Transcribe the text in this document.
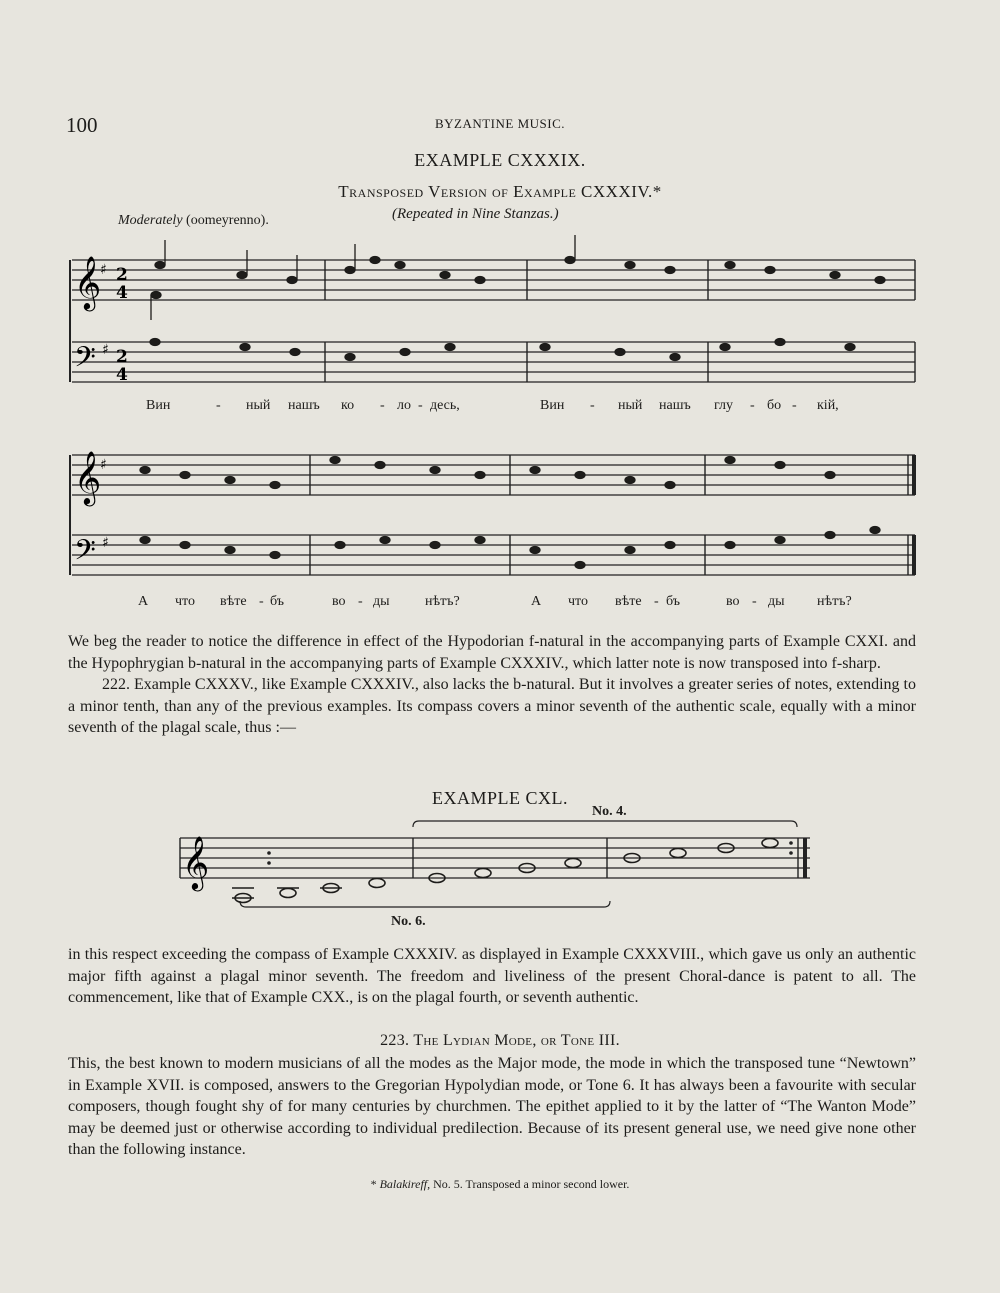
100	BYZANTINE MUSIC.
EXAMPLE CXXXIX.
Transposed Version of Example CXXXIV.*
(Repeated in Nine Stanzas.)
Moderately (oomeyrenno).
𝄞
♯ 2
4
𝄢 ♯ 2
4
Вин	- ный нашъ ко - ло - десь,	Вин - ный нашъ глу - бо - кій,
𝄞
♯
𝄢 ♯
А что вѣте - бъ	во - ды	нѣтъ?	А что вѣте - бъ	во - ды нѣтъ?

We beg the reader to notice the difference in effect of the Hypodorian f-natural in the accompanying parts of Example CXXI. and the Hypophrygian b-natural in the accompanying parts of Example CXXXIV., which latter note is now transposed into f-sharp.

222. Example CXXXV., like Example CXXXIV., also lacks the b-natural. But it involves a greater series of notes, extending to a minor tenth, than any of the previous examples. Its compass covers a minor seventh of the authentic scale, equally with a minor seventh of the plagal scale, thus :—

EXAMPLE CXL.
𝄞
No. 4.
No. 6.
in this respect exceeding the compass of Example CXXXIV. as displayed in Example CXXXVIII., which gave us only an authentic major fifth against a plagal minor seventh. The freedom and liveliness of the present Choral-dance is patent to all. The commencement, like that of Example CXX., is on the plagal fourth, or seventh authentic.
223. The Lydian Mode, or Tone III.
This, the best known to modern musicians of all the modes as the Major mode, the mode in which the transposed tune “Newtown” in Example XVII. is composed, answers to the Gregorian Hypolydian mode, or Tone 6. It has always been a favourite with secular composers, though fought shy of for many centuries by churchmen. The epithet applied to it by the latter of “The Wanton Mode” may be deemed just or otherwise according to individual predilection. Because of its present general use, we need give none other than the following instance.
* Balakireff, No. 5. Transposed a minor second lower.
